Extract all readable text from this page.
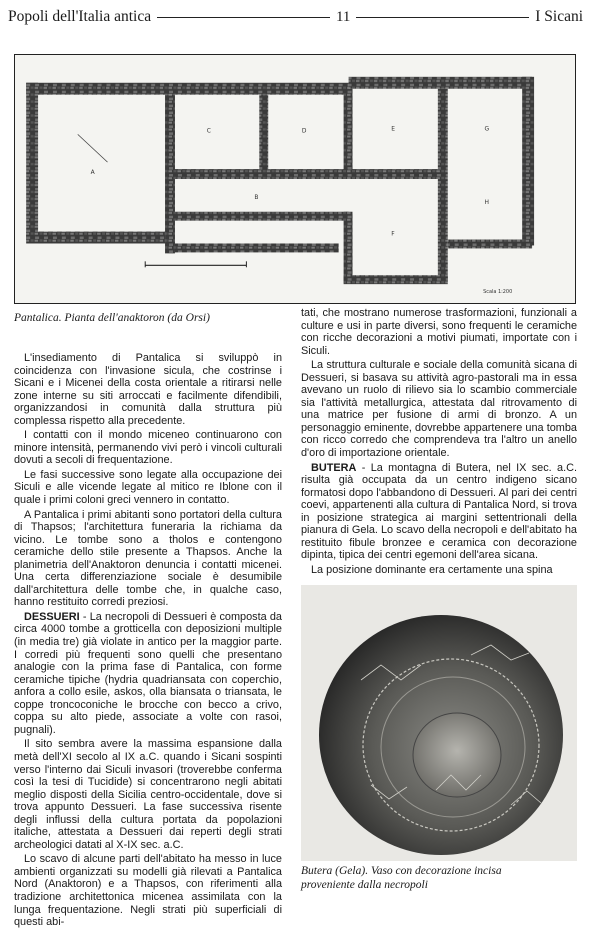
Popoli dell'Italia antica	11	I Sicani
A
B
C	D	E
F
G
H
Scala 1:200
Pantalica. Pianta dell'anaktoron (da Orsi)

L'insediamento di Pantalica si sviluppò in coincidenza con l'invasione sicula, che costrinse i Sicani e i Micenei della costa orientale a ritirarsi nelle zone interne su siti arroccati e facilmente difendibili, organizzandosi in comunità dalla struttura più complessa rispetto alla precedente.

I contatti con il mondo miceneo continuarono con minore intensità, permanendo vivi però i vincoli culturali dovuti a secoli di frequentazione.

Le fasi successive sono legate alla occupazione dei Siculi e alle vicende legate al mitico re Iblone con il quale i primi coloni greci vennero in contatto.

A Pantalica i primi abitanti sono portatori della cultura di Thapsos; l'architettura funeraria la richiama da vicino. Le tombe sono a tholos e contengono ceramiche dello stile presente a Thapsos. Anche la planimetria dell'Anaktoron denuncia i contatti micenei. Una certa differenziazione sociale è desumibile dall'architettura delle tombe che, in qualche caso, hanno restituito corredi preziosi.

DESSUERI - La necropoli di Dessueri è composta da circa 4000 tombe a grotticella con deposizioni multiple (in media tre) già violate in antico per la maggior parte. I corredi più frequenti sono quelli che presentano analogie con la prima fase di Pantalica, con forme ceramiche tipiche (hydria quadriansata con coperchio, anfora a collo esile, askos, olla biansata o triansata, le coppe troncoconiche le brocche con becco a crivo, coppa su alto piede, associate a volte con rasoi, pugnali).

Il sito sembra avere la massima espansione dalla metà dell'XI secolo al IX a.C. quando i Sicani sospinti verso l'interno dai Siculi invasori (troverebbe conferma così la tesi di Tucidide) si concentrarono negli abitati meglio disposti della Sicilia centro-occidentale, dove si trova appunto Dessueri. La fase successiva risente degli influssi della cultura portata da popolazioni italiche, attestata a Dessueri dai reperti degli strati archeologici datati al X-IX sec. a.C.

Lo scavo di alcune parti dell'abitato ha messo in luce ambienti organizzati su modelli già rilevati a Pantalica Nord (Anaktoron) e a Thapsos, con riferimenti alla tradizione architettonica micenea assimilata con la lunga frequentazione. Negli strati più superficiali di questi abi-

tati, che mostrano numerose trasformazioni, funzionali a culture e usi in parte diversi, sono frequenti le ceramiche con ricche decorazioni a motivi piumati, importate con i Siculi.

La struttura culturale e sociale della comunità sicana di Dessueri, si basava su attività agro-pastorali ma in essa avevano un ruolo di rilievo sia lo scambio commerciale sia l'attività metallurgica, attestata dal ritrovamento di una matrice per fusione di armi di bronzo. A un personaggio eminente, dovrebbe appartenere una tomba con ricco corredo che comprendeva tra l'altro un anello d'oro di importazione orientale.

BUTERA - La montagna di Butera, nel IX sec. a.C. risulta già occupata da un centro indigeno sicano formatosi dopo l'abbandono di Dessueri. Al pari dei centri coevi, appartenenti alla cultura di Pantalica Nord, si trova in posizione strategica ai margini settentrionali della pianura di Gela. Lo scavo della necropoli e dell'abitato ha restituito fibule bronzee e ceramica con decorazione dipinta, tipica dei centri egemoni dell'area sicana.

La posizione dominante era certamente una spina

Butera (Gela). Vaso con decorazione incisa
proveniente dalla necropoli
